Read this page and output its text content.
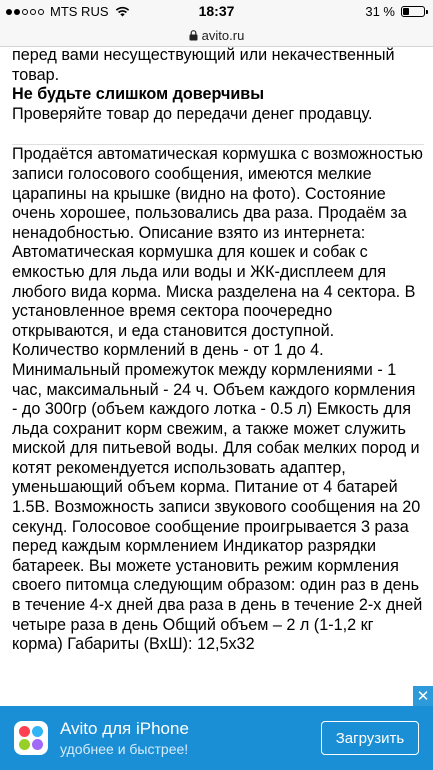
MTS RUS	18:37	31 %
avito.ru

перед вами несуществующий или некачественный товар.

Не будьте слишком доверчивы

Проверяйте товар до передачи денег продавцу.

Продаётся автоматическая кормушка с возможностью записи голосового сообщения, имеются мелкие царапины на крышке (видно на фото). Состояние очень хорошее, пользовались два раза. Продаём за ненадобностью. Описание взято из интернета:
Автоматическая кормушка для кошек и собак с емкостью для льда или воды и ЖК-дисплеем для любого вида корма. Миска разделена на 4 сектора. В установленное время сектора поочередно открываются, и еда становится доступной.
Количество кормлений в день - от 1 до 4. Минимальный промежуток между кормлениями - 1 час, максимальный - 24 ч. Объем каждого кормления - до 300гр (объем каждого лотка - 0.5 л) Емкость для льда сохранит корм свежим, а также может служить миской для питьевой воды. Для собак мелких пород и котят рекомендуется использовать адаптер, уменьшающий объем корма. Питание от 4 батарей 1.5В. Возможность записи звукового сообщения на 20 секунд. Голосовое сообщение проигрывается 3 раза перед каждым кормлением Индикатор разрядки батареек. Вы можете установить режим кормления своего питомца следующим образом: один раз в день в течение 4-х дней два раза в день в течение 2-х дней четыре раза в день Общий объем – 2 л (1-1,2 кг корма) Габариты (ВхШ): 12,5х32

✕
Avito для iPhone
удобнее и быстрее!
Загрузить
